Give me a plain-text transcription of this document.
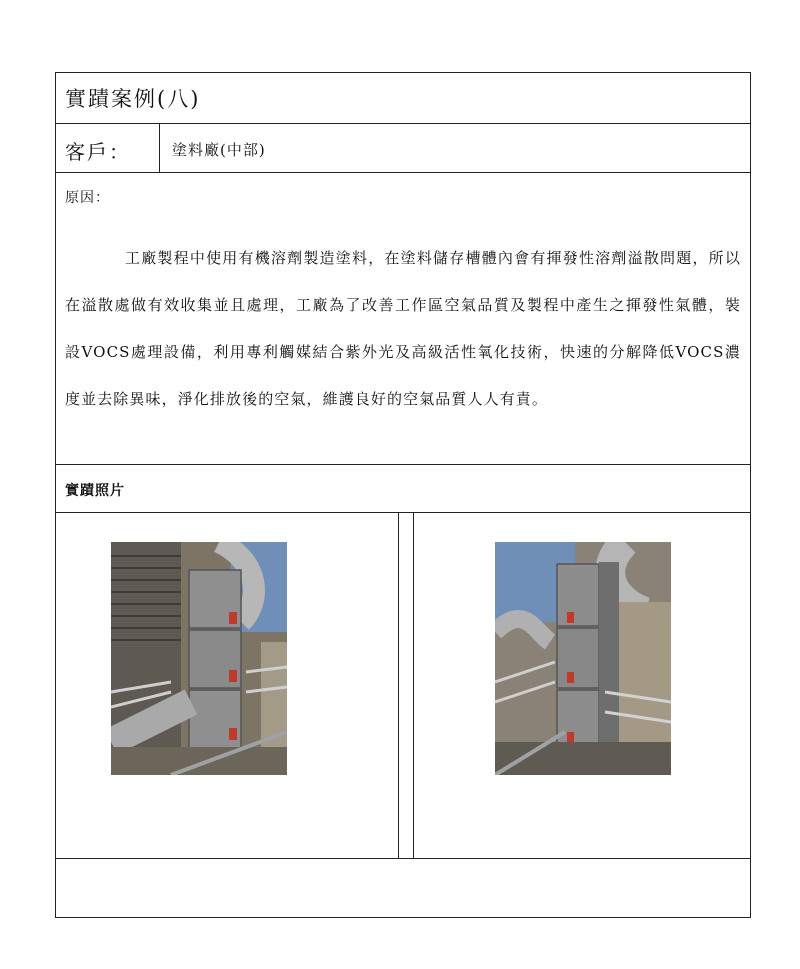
實蹟案例(八)
客戶：	塗料廠(中部)
原因：

工廠製程中使用有機溶劑製造塗料，在塗料儲存槽體內會有揮發性溶劑溢散問題，所以在溢散處做有效收集並且處理，工廠為了改善工作區空氣品質及製程中產生之揮發性氣體，裝設VOCS處理設備，利用專利觸媒結合紫外光及高級活性氧化技術，快速的分解降低VOCS濃度並去除異味，淨化排放後的空氣，維護良好的空氣品質人人有責。

實蹟照片
